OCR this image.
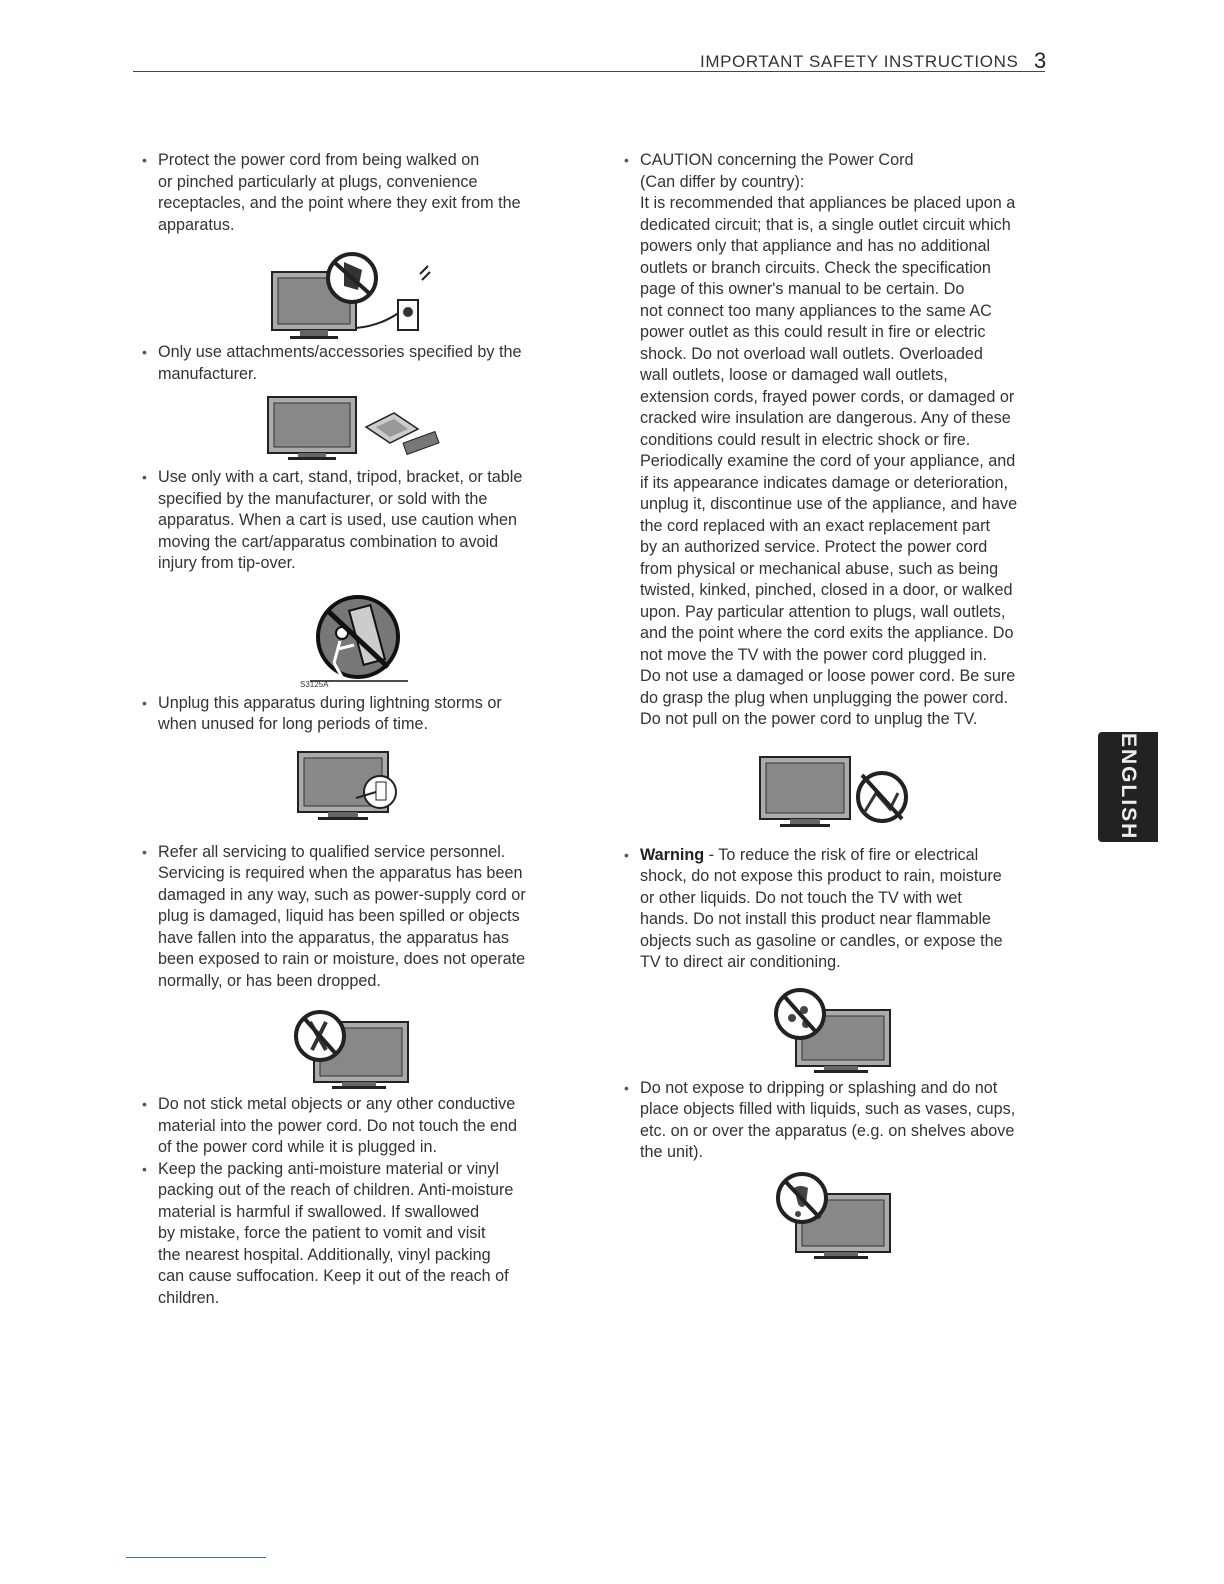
IMPORTANT SAFETY INSTRUCTIONS 3

• Protect the power cord from being walked on
or pinched particularly at plugs, convenience
receptacles, and the point where they exit from the
apparatus.

• Only use attachments/accessories specified by the
manufacturer.

• Use only with a cart, stand, tripod, bracket, or table
specified by the manufacturer, or sold with the
apparatus. When a cart is used, use caution when
moving the cart/apparatus combination to avoid
injury from tip-over.

S3125A

• Unplug this apparatus during lightning storms or
when unused for long periods of time.

• Refer all servicing to qualified service personnel.
Servicing is required when the apparatus has been
damaged in any way, such as power-supply cord or
plug is damaged, liquid has been spilled or objects
have fallen into the apparatus, the apparatus has
been exposed to rain or moisture, does not operate
normally, or has been dropped.

• Do not stick metal objects or any other conductive
material into the power cord. Do not touch the end
of the power cord while it is plugged in.

• Keep the packing anti-moisture material or vinyl
packing out of the reach of children. Anti-moisture
material is harmful if swallowed. If swallowed
by mistake, force the patient to vomit and visit
the nearest hospital. Additionally, vinyl packing
can cause suffocation. Keep it out of the reach of
children.

• CAUTION concerning the Power Cord
(Can differ by country):
It is recommended that appliances be placed upon a
dedicated circuit; that is, a single outlet circuit which
powers only that appliance and has no additional
outlets or branch circuits. Check the specification
page of this owner's manual to be certain. Do
not connect too many appliances to the same AC
power outlet as this could result in fire or electric
shock. Do not overload wall outlets. Overloaded
wall outlets, loose or damaged wall outlets,
extension cords, frayed power cords, or damaged or
cracked wire insulation are dangerous. Any of these
conditions could result in electric shock or fire.
Periodically examine the cord of your appliance, and
if its appearance indicates damage or deterioration,
unplug it, discontinue use of the appliance, and have
the cord replaced with an exact replacement part
by an authorized service. Protect the power cord
from physical or mechanical abuse, such as being
twisted, kinked, pinched, closed in a door, or walked
upon. Pay particular attention to plugs, wall outlets,
and the point where the cord exits the appliance. Do
not move the TV with the power cord plugged in.
Do not use a damaged or loose power cord. Be sure
do grasp the plug when unplugging the power cord.
Do not pull on the power cord to unplug the TV.

• Warning - To reduce the risk of fire or electrical
shock, do not expose this product to rain, moisture
or other liquids. Do not touch the TV with wet
hands. Do not install this product near flammable
objects such as gasoline or candles, or expose the
TV to direct air conditioning.

• Do not expose to dripping or splashing and do not
place objects filled with liquids, such as vases, cups,
etc. on or over the apparatus (e.g. on shelves above
the unit).

ENGLISH
